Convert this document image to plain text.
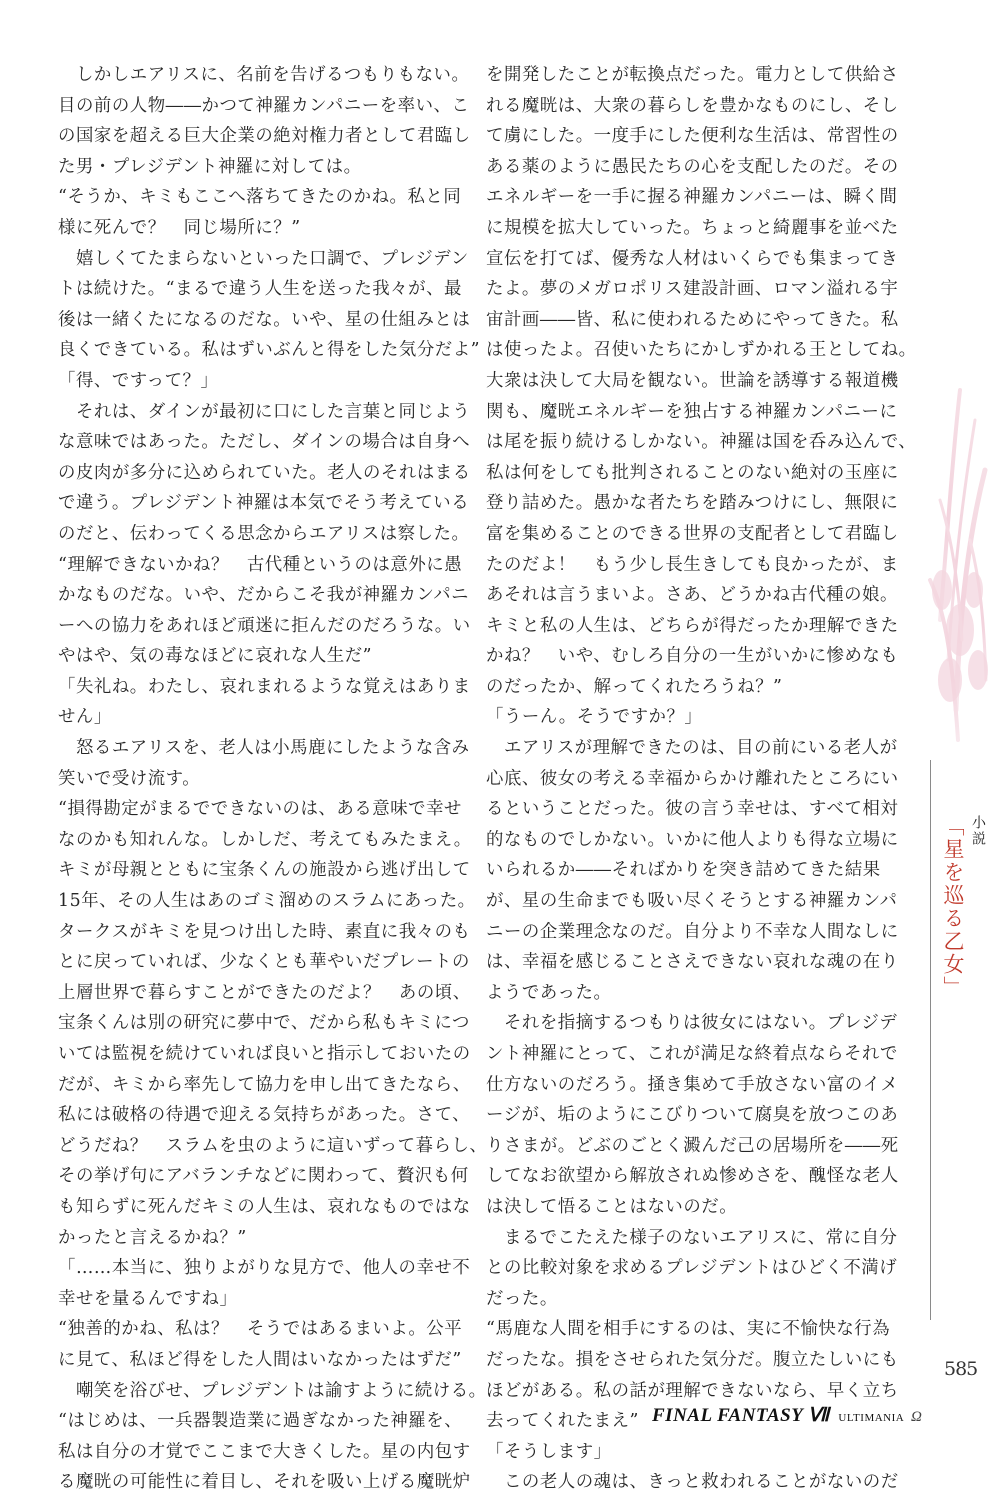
　しかしエアリスに、名前を告げるつもりもない。

目の前の人物――かつて神羅カンパニーを率い、こ

の国家を超える巨大企業の絶対権力者として君臨し

た男・プレジデント神羅に対しては。

“そうか、キミもここへ落ちてきたのかね。私と同

様に死んで？　同じ場所に？”

　嬉しくてたまらないといった口調で、プレジデン

トは続けた。“まるで違う人生を送った我々が、最

後は一緒くたになるのだな。いや、星の仕組みとは

良くできている。私はずいぶんと得をした気分だよ”

「得、ですって？」

　それは、ダインが最初に口にした言葉と同じよう

な意味ではあった。ただし、ダインの場合は自身へ

の皮肉が多分に込められていた。老人のそれはまる

で違う。プレジデント神羅は本気でそう考えている

のだと、伝わってくる思念からエアリスは察した。

“理解できないかね？　古代種というのは意外に愚

かなものだな。いや、だからこそ我が神羅カンパニ

ーへの協力をあれほど頑迷に拒んだのだろうな。い

やはや、気の毒なほどに哀れな人生だ”

「失礼ね。わたし、哀れまれるような覚えはありま

せん」

　怒るエアリスを、老人は小馬鹿にしたような含み

笑いで受け流す。

“損得勘定がまるでできないのは、ある意味で幸せ

なのかも知れんな。しかしだ、考えてもみたまえ。

キミが母親とともに宝条くんの施設から逃げ出して

15年、その人生はあのゴミ溜めのスラムにあった。

タークスがキミを見つけ出した時、素直に我々のも

とに戻っていれば、少なくとも華やいだプレートの

上層世界で暮らすことができたのだよ？　あの頃、

宝条くんは別の研究に夢中で、だから私もキミにつ

いては監視を続けていれば良いと指示しておいたの

だが、キミから率先して協力を申し出てきたなら、

私には破格の待遇で迎える気持ちがあった。さて、

どうだね？　スラムを虫のように這いずって暮らし、

その挙げ句にアバランチなどに関わって、贅沢も何

も知らずに死んだキミの人生は、哀れなものではな

かったと言えるかね？”

「……本当に、独りよがりな見方で、他人の幸せ不

幸せを量るんですね」

“独善的かね、私は？　そうではあるまいよ。公平

に見て、私ほど得をした人間はいなかったはずだ”

　嘲笑を浴びせ、プレジデントは諭すように続ける。

“はじめは、一兵器製造業に過ぎなかった神羅を、

私は自分の才覚でここまで大きくした。星の内包す

る魔晄の可能性に着目し、それを吸い上げる魔晄炉

を開発したことが転換点だった。電力として供給さ

れる魔晄は、大衆の暮らしを豊かなものにし、そし

て虜にした。一度手にした便利な生活は、常習性の

ある薬のように愚民たちの心を支配したのだ。その

エネルギーを一手に握る神羅カンパニーは、瞬く間

に規模を拡大していった。ちょっと綺麗事を並べた

宣伝を打てば、優秀な人材はいくらでも集まってき

たよ。夢のメガロポリス建設計画、ロマン溢れる宇

宙計画――皆、私に使われるためにやってきた。私

は使ったよ。召使いたちにかしずかれる王としてね。

大衆は決して大局を観ない。世論を誘導する報道機

関も、魔晄エネルギーを独占する神羅カンパニーに

は尾を振り続けるしかない。神羅は国を呑み込んで、

私は何をしても批判されることのない絶対の玉座に

登り詰めた。愚かな者たちを踏みつけにし、無限に

富を集めることのできる世界の支配者として君臨し

たのだよ！　もう少し長生きしても良かったが、ま

あそれは言うまいよ。さあ、どうかね古代種の娘。

キミと私の人生は、どちらが得だったか理解できた

かね？　いや、むしろ自分の一生がいかに惨めなも

のだったか、解ってくれたろうね？”

「うーん。そうですか？」

　エアリスが理解できたのは、目の前にいる老人が

心底、彼女の考える幸福からかけ離れたところにい

るということだった。彼の言う幸せは、すべて相対

的なものでしかない。いかに他人よりも得な立場に

いられるか――そればかりを突き詰めてきた結果

が、星の生命までも吸い尽くそうとする神羅カンパ

ニーの企業理念なのだ。自分より不幸な人間なしに

は、幸福を感じることさえできない哀れな魂の在り

ようであった。

　それを指摘するつもりは彼女にはない。プレジデ

ント神羅にとって、これが満足な終着点ならそれで

仕方ないのだろう。掻き集めて手放さない富のイメ

ージが、垢のようにこびりついて腐臭を放つこのあ

りさまが。どぶのごとく澱んだ己の居場所を――死

してなお欲望から解放されぬ惨めさを、醜怪な老人

は決して悟ることはないのだ。

　まるでこたえた様子のないエアリスに、常に自分

との比較対象を求めるプレジデントはひどく不満げ

だった。

“馬鹿な人間を相手にするのは、実に不愉快な行為

だったな。損をさせられた気分だ。腹立たしいにも

ほどがある。私の話が理解できないなら、早く立ち

去ってくれたまえ”

「そうします」

　この老人の魂は、きっと救われることがないのだ

小説
「星を巡る乙女」
585
FINAL FANTASY Ⅶ ULTIMANIA Ω
